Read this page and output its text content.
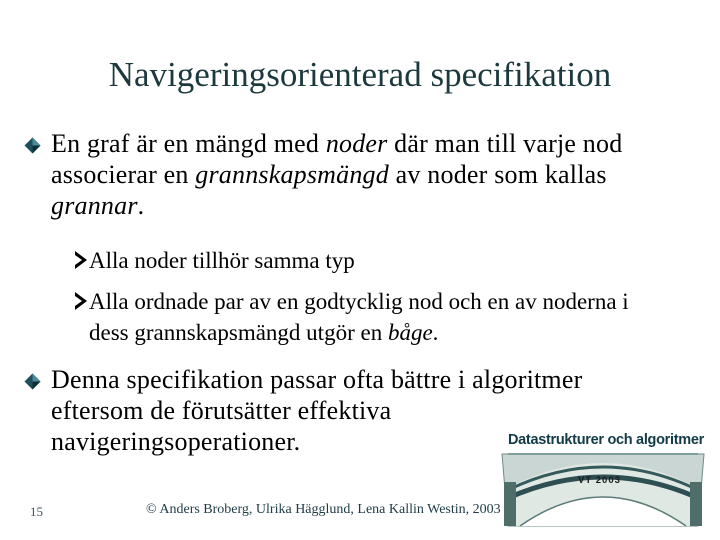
Navigeringsorienterad specifikation
En graf är en mängd med noder där man till varje nod associerar en grannskapsmängd av noder som kallas grannar.
Alla noder tillhör samma typ
Alla ordnade par av en godtycklig nod och en av noderna i dess grannskapsmängd utgör en båge.
Denna specifikation passar ofta bättre i algoritmer eftersom de förutsätter effektiva navigeringsoperationer.
15	© Anders Broberg, Ulrika Hägglund, Lena Kallin Westin, 2003
Datastrukturer och algoritmer
VT 2003
